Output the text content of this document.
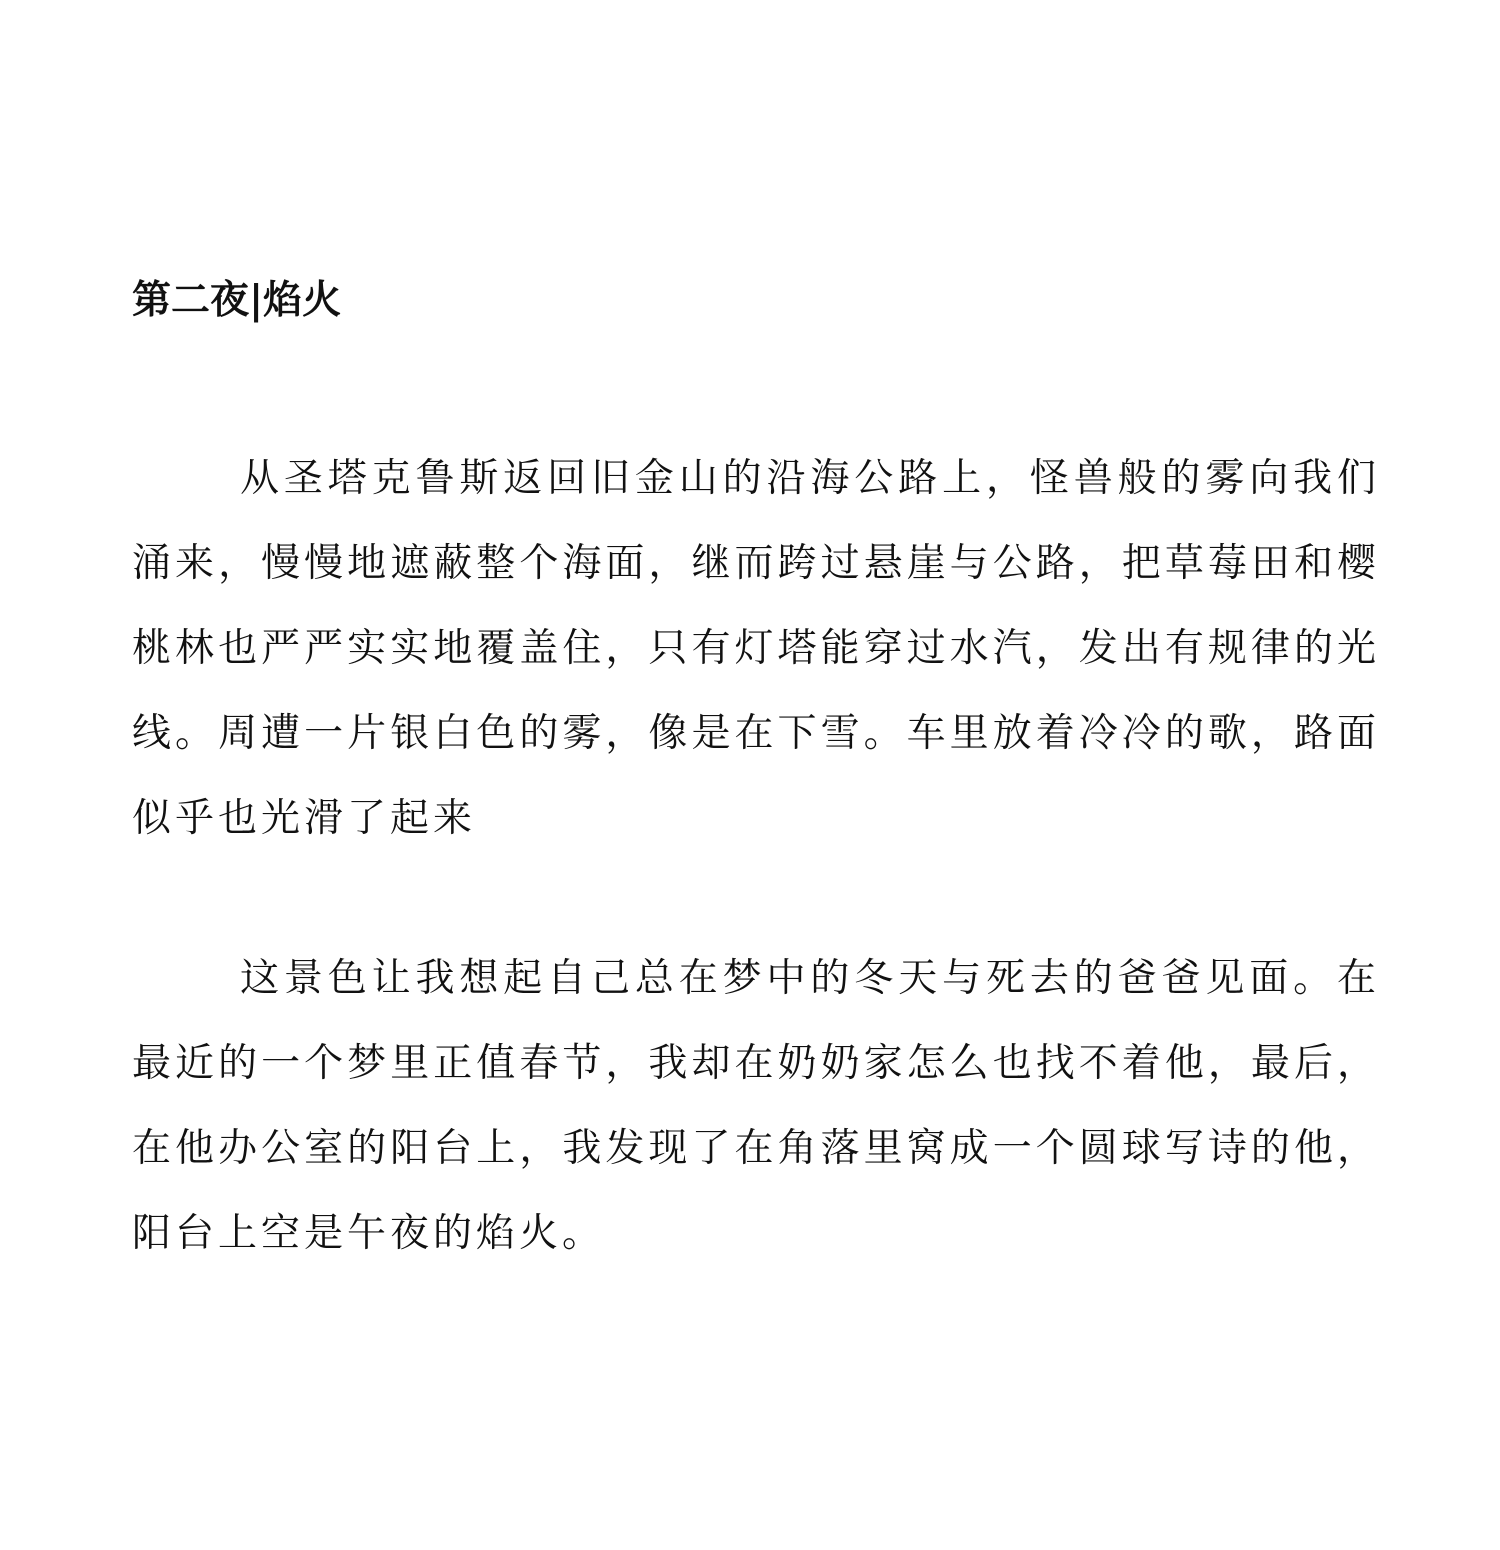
第二夜|焰火

从圣塔克鲁斯返回旧金山的沿海公路上，怪兽般的雾向我们涌来，慢慢地遮蔽整个海面，继而跨过悬崖与公路，把草莓田和樱桃林也严严实实地覆盖住，只有灯塔能穿过水汽，发出有规律的光线。周遭一片银白色的雾，像是在下雪。车里放着冷冷的歌，路面似乎也光滑了起来

这景色让我想起自己总在梦中的冬天与死去的爸爸见面。在最近的一个梦里正值春节，我却在奶奶家怎么也找不着他，最后，在他办公室的阳台上，我发现了在角落里窝成一个圆球写诗的他，阳台上空是午夜的焰火。
